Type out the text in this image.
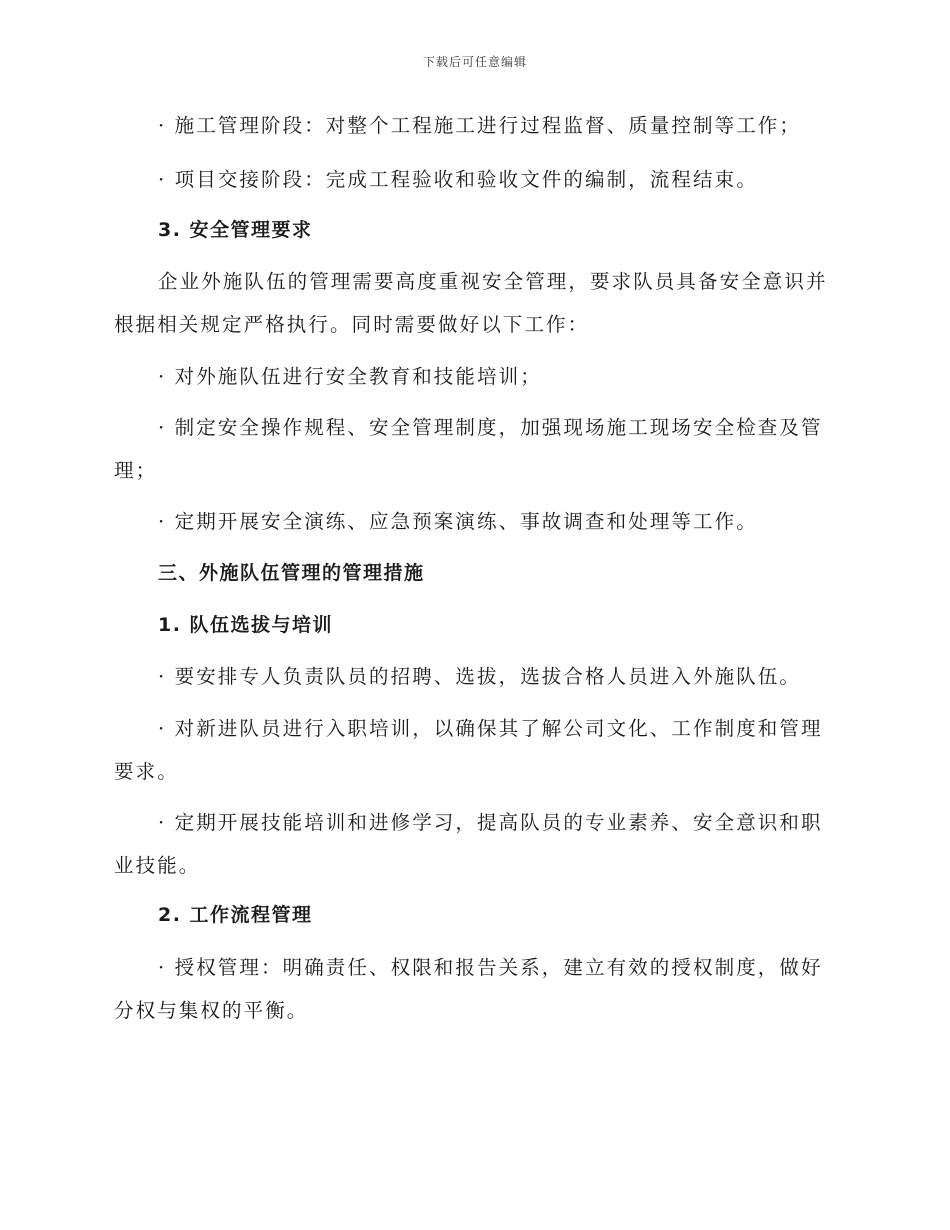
下载后可任意编辑

· 施工管理阶段：对整个工程施工进行过程监督、质量控制等工作；

· 项目交接阶段：完成工程验收和验收文件的编制，流程结束。

3. 安全管理要求

企业外施队伍的管理需要高度重视安全管理，要求队员具备安全意识并根据相关规定严格执行。同时需要做好以下工作：

· 对外施队伍进行安全教育和技能培训；

· 制定安全操作规程、安全管理制度，加强现场施工现场安全检查及管理；

· 定期开展安全演练、应急预案演练、事故调查和处理等工作。

三、外施队伍管理的管理措施

1. 队伍选拔与培训

· 要安排专人负责队员的招聘、选拔，选拔合格人员进入外施队伍。

· 对新进队员进行入职培训，以确保其了解公司文化、工作制度和管理要求。

· 定期开展技能培训和进修学习，提高队员的专业素养、安全意识和职业技能。

2. 工作流程管理

· 授权管理：明确责任、权限和报告关系，建立有效的授权制度，做好分权与集权的平衡。
